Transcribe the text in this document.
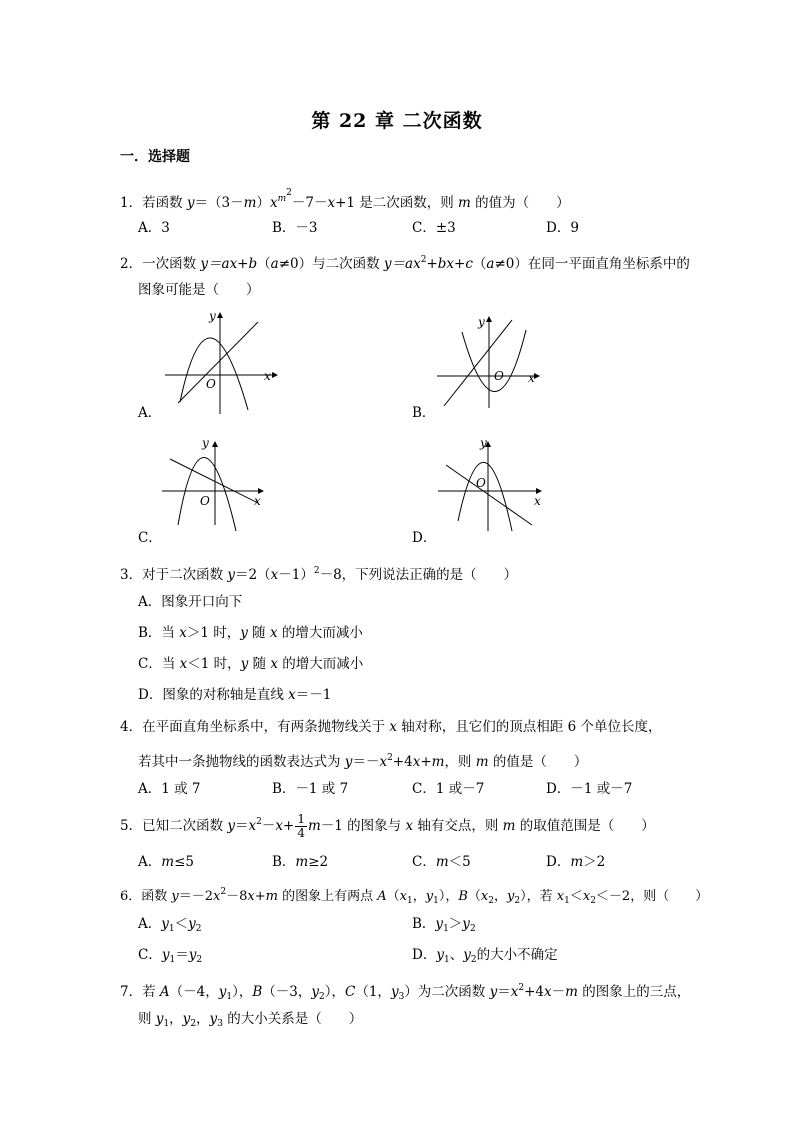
第 22 章 二次函数
一．选择题
1．若函数 $y=(3-m)x^{m^2}-7-x+1$ 是二次函数，则 m 的值为（　　）
A．3	B．－3	C．±3	D．9
2．一次函数 y＝ax+b（a≠0）与二次函数 $y=ax^2+bx+c(a\ne 0)$在同一平面直角坐标系中的
图象可能是（　　）
y
x
O
A．
y
x
O
B．
y
x
O
C．
y
x
O
D．
3．对于二次函数 $y=2(x-1)^2-8$，下列说法正确的是（　　）
A．图象开口向下
B．当 x＞1 时，y 随 x 的增大而减小
C．当 x＜1 时，y 随 x 的增大而减小
D．图象的对称轴是直线 x＝－1
4．在平面直角坐标系中，有两条抛物线关于 x 轴对称，且它们的顶点相距 6 个单位长度，
若其中一条抛物线的函数表达式为 $y=-x^2+4x+m$，则 m 的值是（　　）
A．1 或 7	B．－1 或 7	C．1 或－7	D．－1 或－7
5．已知二次函数 $y=x^2-x+ \frac{1}{4} m-1$ 的图象与 x 轴有交点，则 m 的取值范围是（　　）
A．m≤5	B．m≥2	C．m＜5	D．m＞2
6．函数 $y=-2x^2-8x+m$ 的图象上有两点 $A(x_1$，$y_1$），$B(x_2$，$y_2$），若 $x_1<x_2<-2$，则（　　）
A．$y_1<y_2$	B．$y_1>y_2$
C．$y_1=y_2$	D．$y_1$、$y_2$的大小不确定
7．若 A（－4，$y_1$），B（－3，$y_2$），C（1，$y_3$）为二次函数 $y=x^2+4x-m$ 的图象上的三点，
则 $y_1$，$y_2$，$y_3$ 的大小关系是（　　）
